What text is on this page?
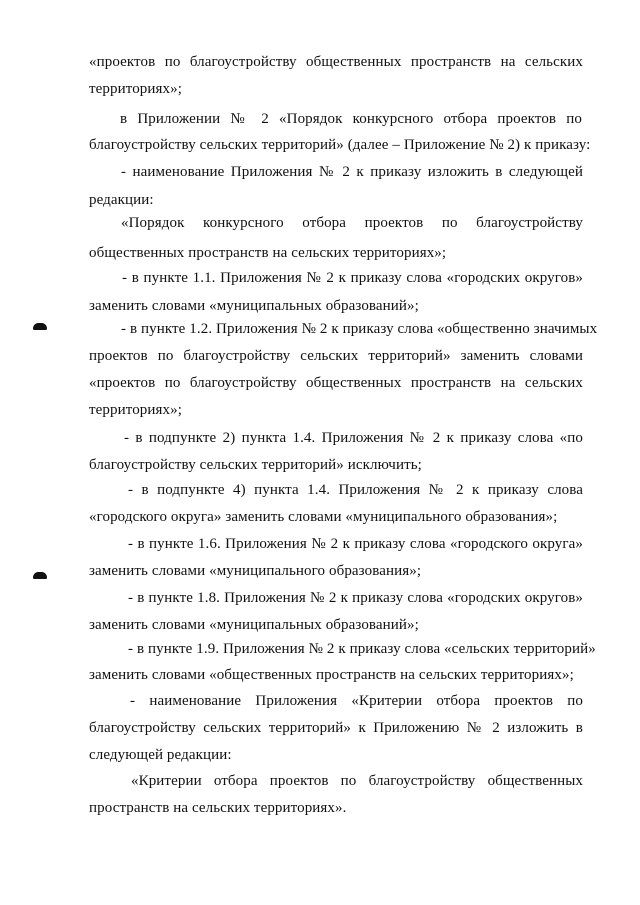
«проектов по благоустройству общественных пространств на сельских
территориях»;
в Приложении № 2 «Порядок конкурсного отбора проектов по
благоустройству сельских территорий» (далее – Приложение № 2) к приказу:
- наименование Приложения № 2 к приказу изложить в следующей
редакции:
«Порядок конкурсного отбора проектов по благоустройству
общественных пространств на сельских территориях»;
- в пункте 1.1. Приложения № 2 к приказу слова «городских округов»
заменить словами «муниципальных образований»;
- в пункте 1.2. Приложения № 2 к приказу слова «общественно значимых
проектов по благоустройству сельских территорий» заменить словами
«проектов по благоустройству общественных пространств на сельских
территориях»;
- в подпункте 2) пункта 1.4. Приложения № 2 к приказу слова «по
благоустройству сельских территорий» исключить;
- в подпункте 4) пункта 1.4. Приложения № 2 к приказу слова
«городского округа» заменить словами «муниципального образования»;
- в пункте 1.6. Приложения № 2 к приказу слова «городского округа»
заменить словами «муниципального образования»;
- в пункте 1.8. Приложения № 2 к приказу слова «городских округов»
заменить словами «муниципальных образований»;
- в пункте 1.9. Приложения № 2 к приказу слова «сельских территорий»
заменить словами «общественных пространств на сельских территориях»;
- наименование Приложения «Критерии отбора проектов по
благоустройству сельских территорий» к Приложению № 2 изложить в
следующей редакции:
«Критерии отбора проектов по благоустройству общественных
пространств на сельских территориях».
